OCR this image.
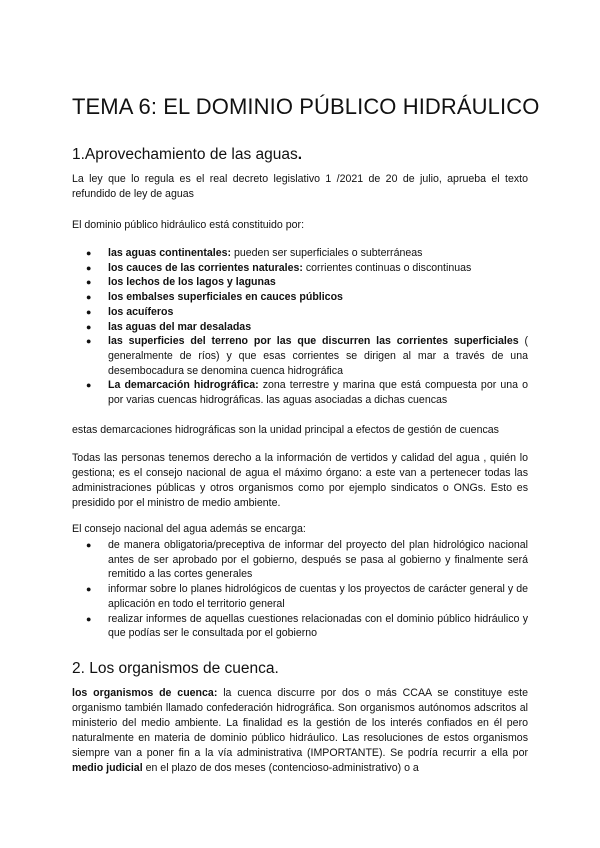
TEMA 6: EL DOMINIO PÚBLICO HIDRÁULICO
1.Aprovechamiento de las aguas.

La ley que lo regula es el real decreto legislativo 1 /2021 de 20 de julio, aprueba el texto refundido de ley de aguas

El dominio público hidráulico está constituido por:

● las aguas continentales: pueden ser superficiales o subterráneas
● los cauces de las corrientes naturales: corrientes continuas o discontinuas
● los lechos de los lagos y lagunas
● los embalses superficiales en cauces públicos
● los acuíferos
● las aguas del mar desaladas
● las superficies del terreno por las que discurren las corrientes superficiales ( generalmente de ríos) y que esas corrientes se dirigen al mar a través de una desembocadura se denomina cuenca hidrográfica
● La demarcación hidrográfica: zona terrestre y marina que está compuesta por una o por varias cuencas hidrográficas. las aguas asociadas a dichas cuencas

estas demarcaciones hidrográficas son la unidad principal a efectos de gestión de cuencas

Todas las personas tenemos derecho a la información de vertidos y calidad del agua , quién lo gestiona; es el consejo nacional de agua el máximo órgano: a este van a pertenecer todas las administraciones públicas y otros organismos como por ejemplo sindicatos o ONGs. Esto es presidido por el ministro de medio ambiente.

El consejo nacional del agua además se encarga:

● de manera obligatoria/preceptiva de informar del proyecto del plan hidrológico nacional antes de ser aprobado por el gobierno, después se pasa al gobierno y finalmente será remitido a las cortes generales
● informar sobre lo planes hidrológicos de cuentas y los proyectos de carácter general y de aplicación en todo el territorio general
● realizar informes de aquellas cuestiones relacionadas con el dominio público hidráulico y que podías ser le consultada por el gobierno
2. Los organismos de cuenca.

los organismos de cuenca: la cuenca discurre por dos o más CCAA se constituye este organismo también llamado confederación hidrográfica. Son organismos autónomos adscritos al ministerio del medio ambiente. La finalidad es la gestión de los interés confiados en él pero naturalmente en materia de dominio público hidráulico. Las resoluciones de estos organismos siempre van a poner fin a la vía administrativa (IMPORTANTE). Se podría recurrir a ella por medio judicial en el plazo de dos meses (contencioso-administrativo) o a
